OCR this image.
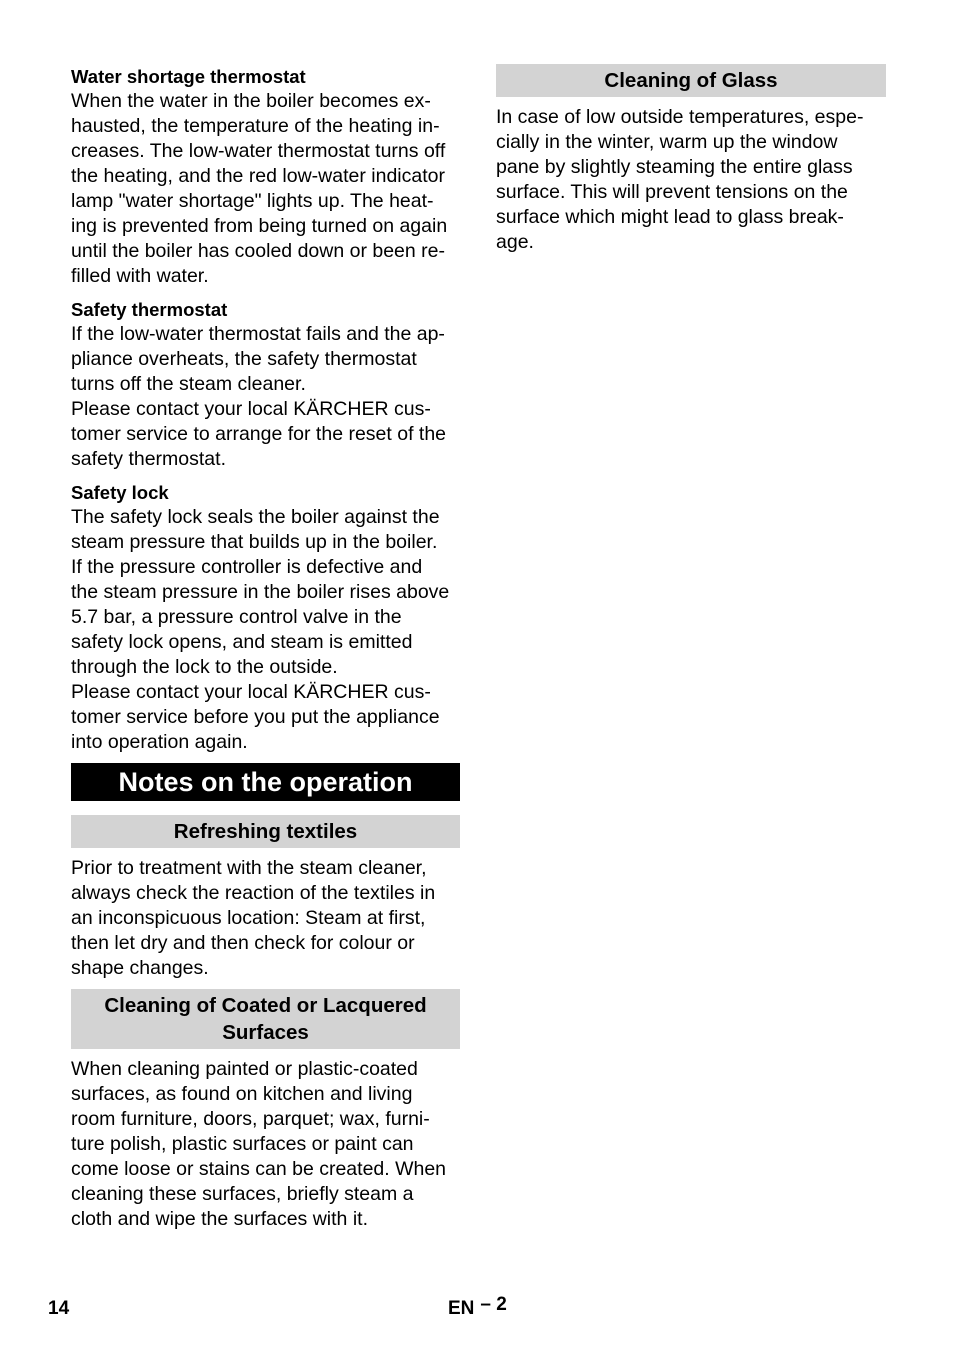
Water shortage thermostat

When the water in the boiler becomes ex-
hausted, the temperature of the heating in-
creases. The low-water thermostat turns off
the heating, and the red low-water indicator
lamp "water shortage" lights up. The heat-
ing is prevented from being turned on again
until the boiler has cooled down or been re-
filled with water.

Safety thermostat

If the low-water thermostat fails and the ap-
pliance overheats, the safety thermostat
turns off the steam cleaner.
Please contact your local KÄRCHER cus-
tomer service to arrange for the reset of the
safety thermostat.

Safety lock

The safety lock seals the boiler against the
steam pressure that builds up in the boiler.
If the pressure controller is defective and
the steam pressure in the boiler rises above
5.7 bar, a pressure control valve in the
safety lock opens, and steam is emitted
through the lock to the outside.
Please contact your local KÄRCHER cus-
tomer service before you put the appliance
into operation again.

Notes on the operation
Refreshing textiles

Prior to treatment with the steam cleaner,
always check the reaction of the textiles in
an inconspicuous location: Steam at first,
then let dry and then check for colour or
shape changes.

Cleaning of Coated or Lacquered
Surfaces

When cleaning painted or plastic-coated
surfaces, as found on kitchen and living
room furniture, doors, parquet; wax, furni-
ture polish, plastic surfaces or paint can
come loose or stains can be created. When
cleaning these surfaces, briefly steam a
cloth and wipe the surfaces with it.

Cleaning of Glass

In case of low outside temperatures, espe-
cially in the winter, warm up the window
pane by slightly steaming the entire glass
surface. This will prevent tensions on the
surface which might lead to glass break-
age.

14	EN – 2
